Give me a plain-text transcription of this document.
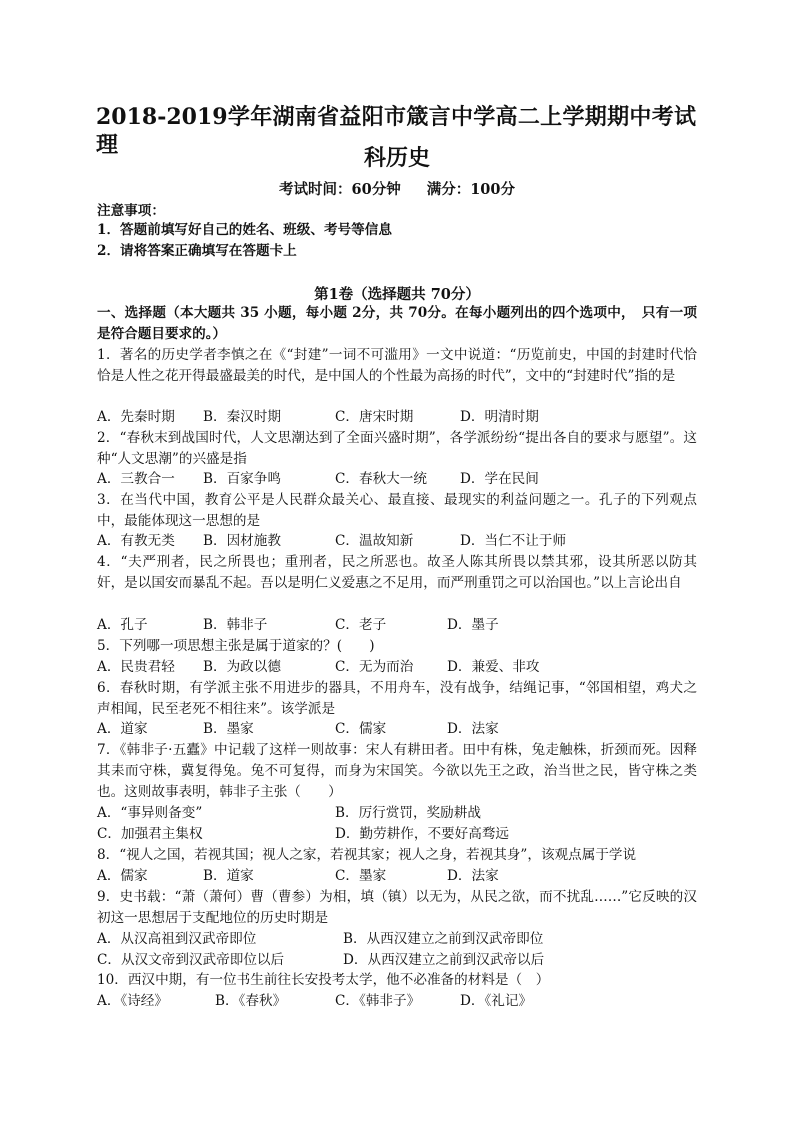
2018-2019学年湖南省益阳市箴言中学高二上学期期中考试 理	科历史
考试时间：60分钟 满分：100分
注意事项：
1．答题前填写好自己的姓名、班级、考号等信息
2．请将答案正确填写在答题卡上
第1卷（选择题共 70分）
一、选择题（本大题共 35 小题，每小题 2分，共 70分。在每小题列出的四个选项中，　只有一项是符合题目要求的。）
1．著名的历史学者李慎之在《“封建”一词不可滥用》一文中说道：“历览前史，中国的封建时代恰恰是人性之花开得最盛最美的时代，是中国人的个性最为高扬的时代”，文中的“封建时代”指的是
A．先秦时期 B．秦汉时期	C．唐宋时期	D．明清时期
2．“春秋末到战国时代，人文思潮达到了全面兴盛时期”，各学派纷纷“提出各自的要求与愿望”。这种“人文思潮”的兴盛是指
A．三教合一 B．百家争鸣	C．春秋大一统 D．学在民间
3．在当代中国，教育公平是人民群众最关心、最直接、最现实的利益问题之一。孔子的下列观点中，最能体现这一思想的是
A．有教无类 B．因材施教	C．温故知新	D．当仁不让于师
4．“夫严刑者，民之所畏也；重刑者，民之所恶也。故圣人陈其所畏以禁其邪，设其所恶以防其奸，是以国安而暴乱不起。吾以是明仁义爱惠之不足用，而严刑重罚之可以治国也。”以上言论出自
A．孔子	B．韩非子	C．老子	D．墨子
5．下列哪一项思想主张是属于道家的？(　　)
A．民贵君轻 B．为政以德	C．无为而治 D．兼爱、非攻
6．春秋时期，有学派主张不用进步的器具，不用舟车，没有战争，结绳记事，“邻国相望，鸡犬之声相闻，民至老死不相往来”。该学派是
A．道家	B．墨家	C．儒家	D．法家
7．《韩非子·五蠹》中记载了这样一则故事：宋人有耕田者。田中有株，兔走触株，折颈而死。因释其耒而守株，冀复得兔。兔不可复得，而身为宋国笑。今欲以先王之政，治当世之民，皆守株之类也。这则故事表明，韩非子主张（　　）
A．“事异则备变”	B．厉行赏罚，奖励耕战
C．加强君主集权	D．勤劳耕作，不要好高骛远
8．“视人之国，若视其国；视人之家，若视其家；视人之身，若视其身”，该观点属于学说
A．儒家	B．道家	C．墨家	D．法家
9．史书载：“萧（萧何）曹（曹参）为相，填（镇）以无为，从民之欲，而不扰乱……”它反映的汉初这一思想居于支配地位的历史时期是
A．从汉高祖到汉武帝即位	B．从西汉建立之前到汉武帝即位
C．从汉文帝到汉武帝即位以后	D．从西汉建立之前到汉武帝以后
10．西汉中期，有一位书生前往长安投考太学，他不必准备的材料是（　）
A．《诗经》	B．《春秋》	C．《韩非子》	D．《礼记》
